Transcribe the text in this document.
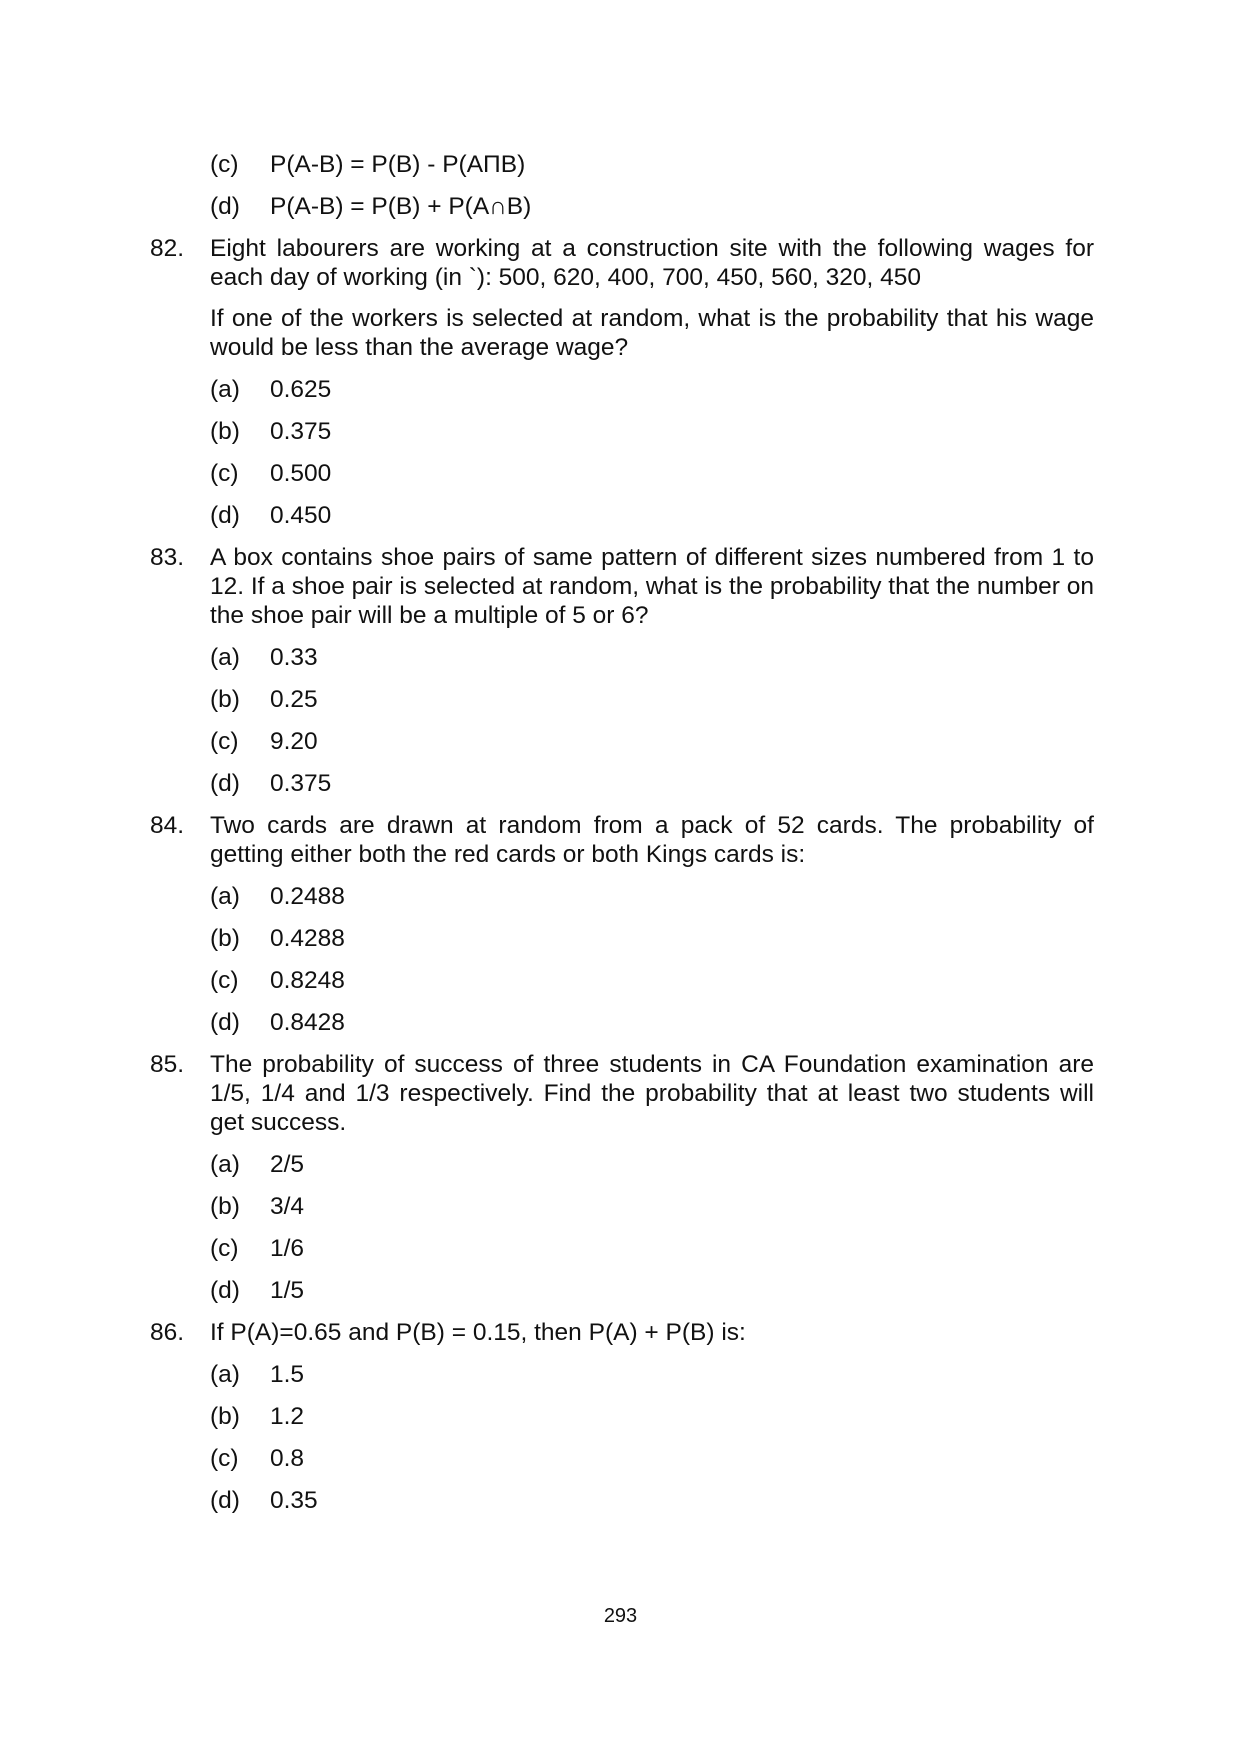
(c)	P(A-B) = P(B) - P(AΠB)
(d)	P(A-B) = P(B) + P(A∩B)
82. Eight labourers are working at a construction site with the following wages for each day of working (in `): 500, 620, 400, 700, 450, 560, 320, 450
If one of the workers is selected at random, what is the probability that his wage would be less than the average wage?
(a)	0.625
(b)	0.375
(c)	0.500
(d)	0.450
83. A box contains shoe pairs of same pattern of different sizes numbered from 1 to 12. If a shoe pair is selected at random, what is the probability that the number on the shoe pair will be a multiple of 5 or 6?
(a)	0.33
(b)	0.25
(c)	9.20
(d)	0.375
84. Two cards are drawn at random from a pack of 52 cards. The probability of getting either both the red cards or both Kings cards is:
(a)	0.2488
(b)	0.4288
(c)	0.8248
(d)	0.8428
85. The probability of success of three students in CA Foundation examination are 1/5, 1/4 and 1/3 respectively. Find the probability that at least two students will get success.
(a)	2/5
(b)	3/4
(c)	1/6
(d)	1/5
86. If P(A)=0.65 and P(B) = 0.15, then P(A) + P(B) is:
(a)	1.5
(b)	1.2
(c)	0.8
(d)	0.35
293
